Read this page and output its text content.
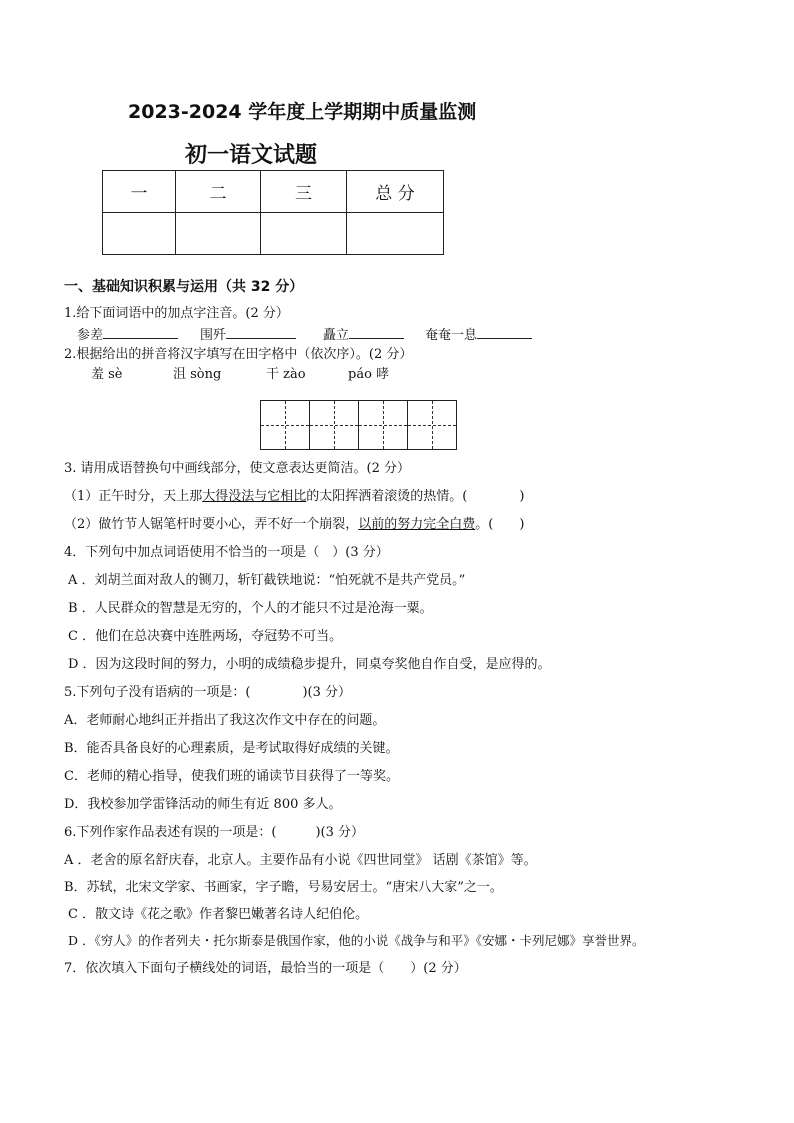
2023-2024 学年度上学期期中质量监测
初一语文试题
一	二	三	总 分

一、基础知识积累与运用（共 32 分）
1.给下面词语中的加点字注音。(2 分）
参差	围歼	矗立	奄奄一息
2.根据给出的拼音将汉字填写在田字格中（依次序）。(2 分）
羞 sè	沮 sòng	干 zào	páo 哮
3. 请用成语替换句中画线部分，使文意表达更简洁。(2 分）
（1）正午时分，天上那大得没法与它相比的太阳挥洒着滚烫的热情。(　　　　)
（2）做竹节人锯笔杆时要小心，弄不好一个崩裂，以前的努力完全白费。(　　)
4．下列句中加点词语使用不恰当的一项是（　）(3 分）
A ．刘胡兰面对敌人的铡刀，斩钉截铁地说：“怕死就不是共产党员。”
B ．人民群众的智慧是无穷的，个人的才能只不过是沧海一粟。
C ．他们在总决赛中连胜两场，夺冠势不可当。
D ．因为这段时间的努力，小明的成绩稳步提升，同桌夸奖他自作自受，是应得的。
5.下列句子没有语病的一项是：(　　　　)(3 分）
A．老师耐心地纠正并指出了我这次作文中存在的问题。
B．能否具备良好的心理素质，是考试取得好成绩的关键。
C．老师的精心指导，使我们班的诵读节目获得了一等奖。
D．我校参加学雷锋活动的师生有近 800 多人。
6.下列作家作品表述有误的一项是：(　　　)(3 分）
A ．老舍的原名舒庆春，北京人。主要作品有小说《四世同堂》 话剧《茶馆》等。
B．苏轼，北宋文学家、书画家，字子瞻，号易安居士。“唐宋八大家”之一。
C ．散文诗《花之歌》作者黎巴嫩著名诗人纪伯伦。
D ．《穷人》的作者列夫・托尔斯泰是俄国作家，他的小说《战争与和平》《安娜・卡列尼娜》享誉世界。
7．依次填入下面句子横线处的词语，最恰当的一项是（　　）(2 分）
